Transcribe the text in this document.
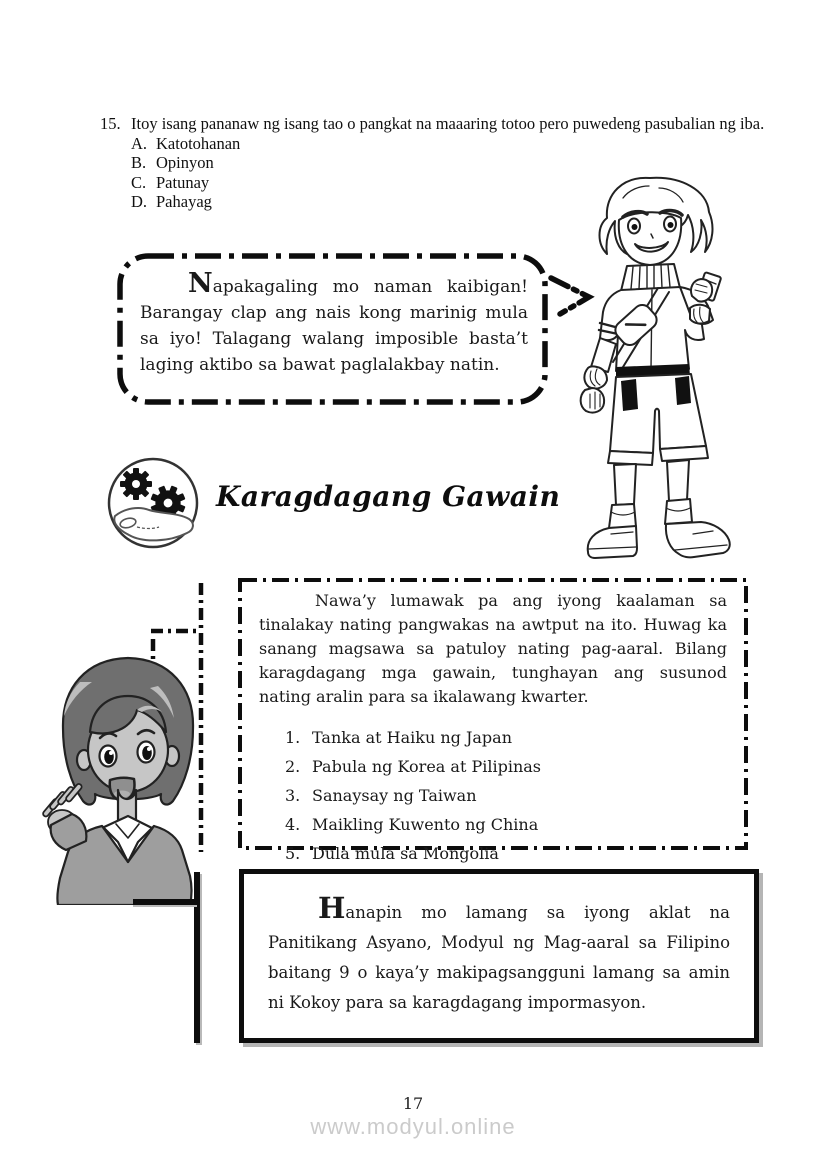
15. Itoy isang pananaw ng isang tao o pangkat na maaaring totoo pero puwedeng pasubalian ng iba.
A. Katotohanan
B. Opinyon
C. Patunay
D. Pahayag
Napakagaling mo naman kaibigan! Barangay clap ang nais kong marinig mula sa iyo! Talagang walang imposible basta’t laging aktibo sa bawat paglalakbay natin.
Karagdagang Gawain

Nawa’y lumawak pa ang iyong kaalaman sa tinalakay nating pangwakas na awtput na ito. Huwag ka sanang magsawa sa patuloy nating pag-aaral. Bilang karagdagang mga gawain, tunghayan ang susunod nating aralin para sa ikalawang kwarter.

1. Tanka at Haiku ng Japan
2. Pabula ng Korea at Pilipinas
3. Sanaysay ng Taiwan
4. Maikling Kuwento ng China
5. Dula mula sa Mongolia

Hanapin mo lamang sa iyong aklat na Panitikang Asyano, Modyul ng Mag-aaral sa Filipino baitang 9 o kaya’y makipagsangguni lamang sa amin ni Kokoy para sa karagdagang impormasyon.

17
www.modyul.online
